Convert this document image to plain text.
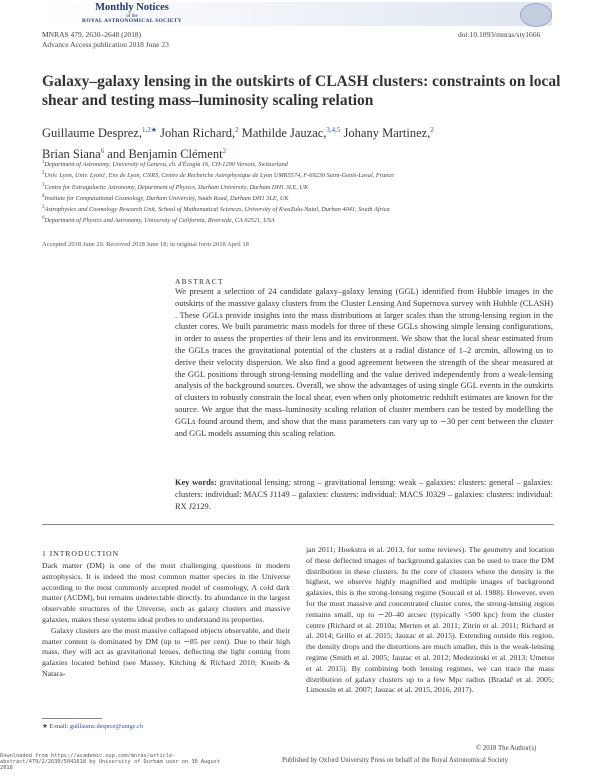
Monthly Notices
of the
ROYAL ASTRONOMICAL SOCIETY
MNRAS 479, 2630–2648 (2018)
Advance Access publication 2018 June 23
doi:10.1093/mnras/sty1666
Galaxy–galaxy lensing in the outskirts of CLASH clusters: constraints on local shear and testing mass–luminosity scaling relation
Guillaume Desprez,$^{1,2★}$ Johan Richard,$^2$ Mathilde Jauzac,$^{3,4,5}$ Johany Martinez,$^2$
Brian Siana$^6$ and Benjamin Clément$^2$
$^1$Department of Astronomy, University of Geneva, ch. d'Écogia 16, CH-1290 Versoix, Switzerland
$^2$Univ. Lyon, Univ. Lyon1, Ens de Lyon, CNRS, Centre de Recherche Astrophysique de Lyon UMR5574, F-69230 Saint-Genis-Laval, France
$^3$Centre for Extragalactic Astronomy, Department of Physics, Durham University, Durham DH1 3LE, UK
$^4$Institute for Computational Cosmology, Durham University, South Road, Durham DH1 3LE, UK
$^5$Astrophysics and Cosmology Research Unit, School of Mathematical Sciences, University of KwaZulu-Natal, Durban 4041, South Africa
$^6$Department of Physics and Astronomy, University of California, Riverside, CA 92521, USA
Accepted 2018 June 20. Received 2018 June 18; in original form 2018 April 18
ABSTRACT
We present a selection of 24 candidate galaxy–galaxy lensing (GGL) identified from Hubble images in the outskirts of the massive galaxy clusters from the Cluster Lensing And Supernova survey with Hubble (CLASH) . These GGLs provide insights into the mass distributions at larger scales than the strong-lensing region in the cluster cores. We built parametric mass models for three of these GGLs showing simple lensing configurations, in order to assess the properties of their lens and its environment. We show that the local shear estimated from the GGLs traces the gravitational potential of the clusters at a radial distance of 1–2 arcmin, allowing us to derive their velocity dispersion. We also find a good agreement between the strength of the shear measured at the GGL positions through strong-lensing modelling and the value derived independently from a weak-lensing analysis of the background sources. Overall, we show the advantages of using single GGL events in the outskirts of clusters to robustly constrain the local shear, even when only photometric redshift estimates are known for the source. We argue that the mass–luminosity scaling relation of cluster members can be tested by modelling the GGLs found around them, and show that the mass parameters can vary up to ∼30 per cent between the cluster and GGL models assuming this scaling relation.
Key words: gravitational lensing: strong – gravitational lensing: weak – galaxies: clusters: general – galaxies: clusters: individual: MACS J1149 – galaxies: clusters: individual: MACS J0329 – galaxies: clusters: individual: RX J2129.
1 INTRODUCTION

Dark matter (DM) is one of the most challenging questions in modern astrophysics. It is indeed the most common matter species in the Universe according to the most commonly accepted model of cosmology, Λ cold dark matter (ΛCDM), but remains undetectable directly. Its abundance in the largest observable structures of the Universe, such as galaxy clusters and massive galaxies, makes these systems ideal probes to understand its properties.

Galaxy clusters are the most massive collapsed objects observable, and their matter content is dominated by DM (up to ∼85 per cent). Due to their high mass, they will act as gravitational lenses, deflecting the light coming from galaxies located behind (see Massey, Kitching & Richard 2010; Kneib & Natara-

jan 2011; Hoekstra et al. 2013, for some reviews). The geometry and location of these deflected images of background galaxies can be used to trace the DM distribution in these clusters. In the core of clusters where the density is the highest, we observe highly magnified and multiple images of background galaxies, this is the strong-lensing regime (Soucail et al. 1988). However, even for the most massive and concentrated cluster cores, the strong-lensing region remains small, up to ∼20–40 arcsec (typically <500 kpc) from the cluster centre (Richard et al. 2010a; Merten et al. 2011; Zitrin et al. 2011; Richard et al. 2014; Grillo et al. 2015; Jauzac et al. 2015). Extending outside this region, the density drops and the distortions are much smaller, this is the weak-lensing regime (Smith et al. 2005; Jauzac et al. 2012; Medezinski et al. 2013; Umetsu et al. 2015). By combining both lensing regimes, we can trace the mass distribution of galaxy clusters up to a few Mpc radius (Bradač et al. 2005; Limousin et al. 2007; Jauzac et al. 2015, 2016, 2017).

★ E-mail: guillaume.desprez@unige.ch
© 2018 The Author(s)
Published by Oxford University Press on behalf of the Royal Astronomical Society
Downloaded from https://academic.oup.com/mnras/article-abstract/479/2/2630/5041618 by University of Durham user on 30 August 2018
